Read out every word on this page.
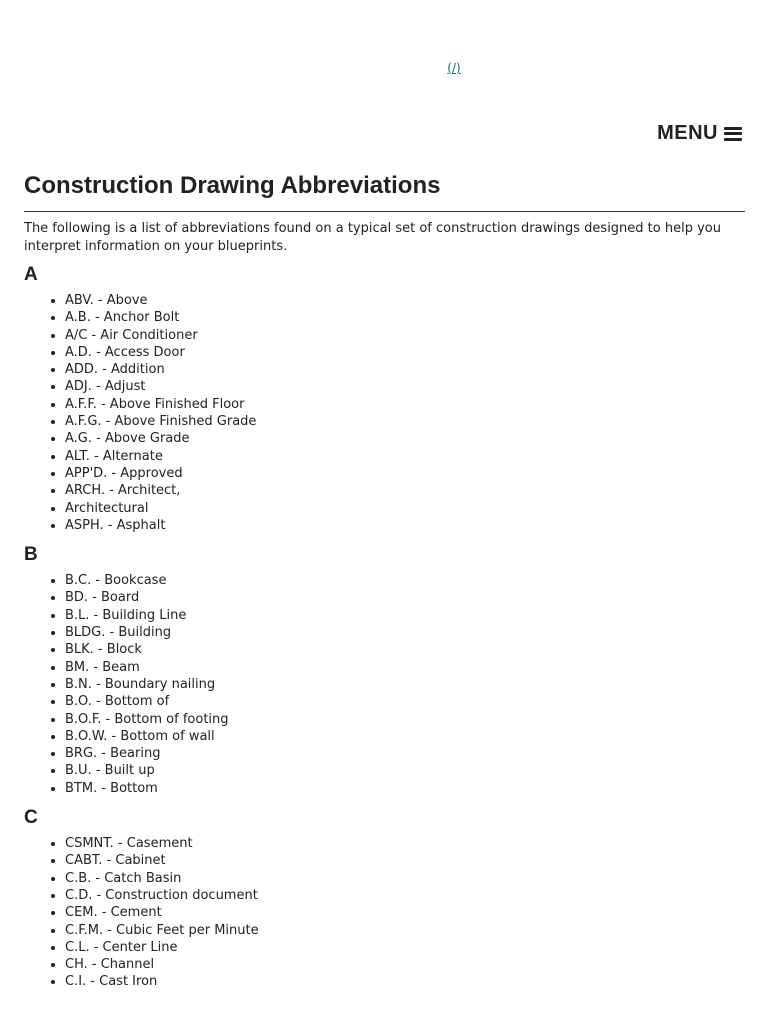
(/)
MENU
Construction Drawing Abbreviations

The following is a list of abbreviations found on a typical set of construction drawings designed to help you interpret information on your blueprints.

A
• ABV. - Above
• A.B. - Anchor Bolt
• A/C - Air Conditioner
• A.D. - Access Door
• ADD. - Addition
• ADJ. - Adjust
• A.F.F. - Above Finished Floor
• A.F.G. - Above Finished Grade
• A.G. - Above Grade
• ALT. - Alternate
• APP'D. - Approved
• ARCH. - Architect,
• Architectural
• ASPH. - Asphalt
B
• B.C. - Bookcase
• BD. - Board
• B.L. - Building Line
• BLDG. - Building
• BLK. - Block
• BM. - Beam
• B.N. - Boundary nailing
• B.O. - Bottom of
• B.O.F. - Bottom of footing
• B.O.W. - Bottom of wall
• BRG. - Bearing
• B.U. - Built up
• BTM. - Bottom
C
• CSMNT. - Casement
• CABT. - Cabinet
• C.B. - Catch Basin
• C.D. - Construction document
• CEM. - Cement
• C.F.M. - Cubic Feet per Minute
• C.L. - Center Line
• CH. - Channel
• C.I. - Cast Iron
